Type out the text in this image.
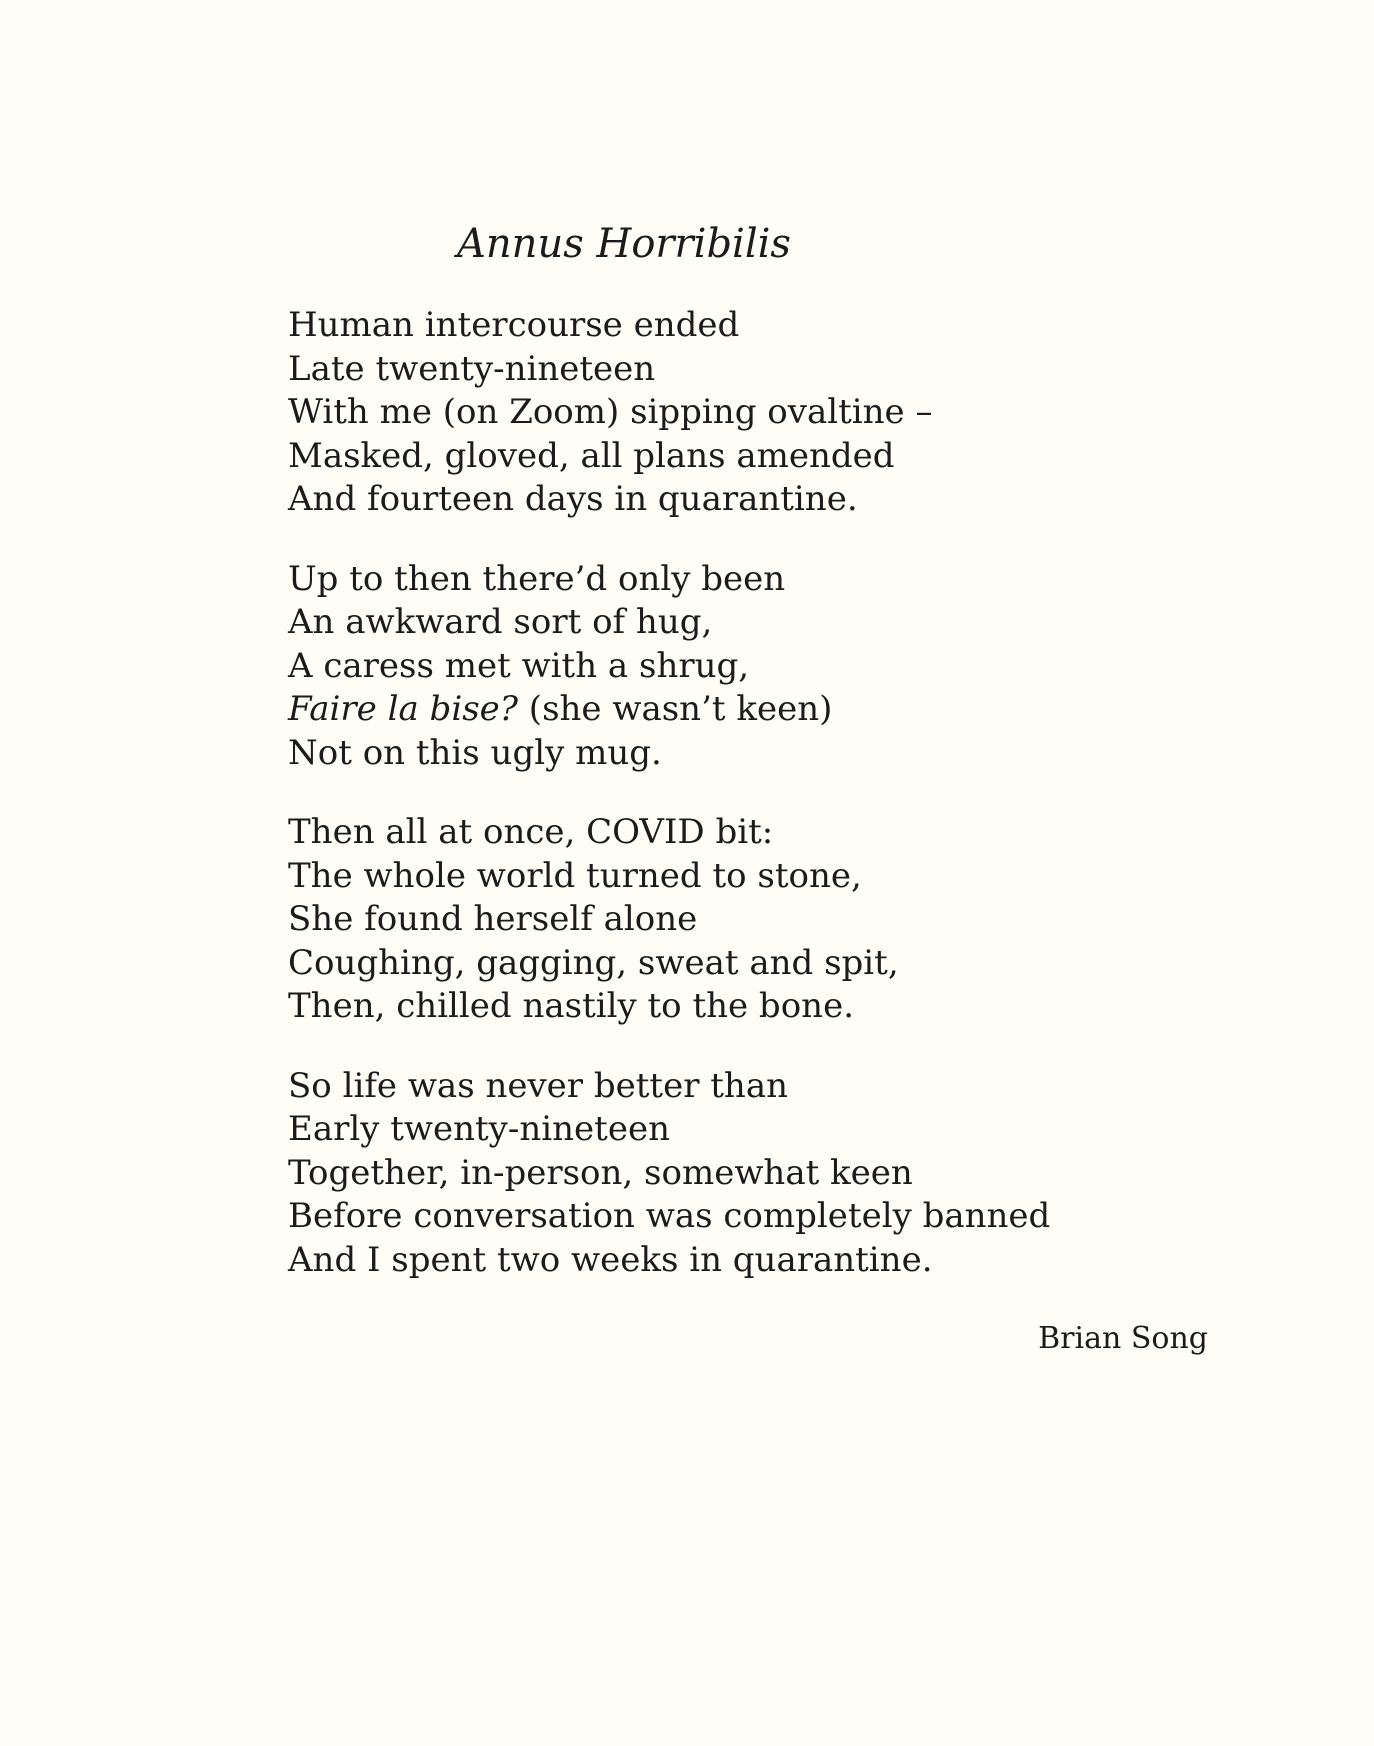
Annus Horribilis
Human intercourse ended
Late twenty-nineteen
With me (on Zoom) sipping ovaltine –
Masked, gloved, all plans amended
And fourteen days in quarantine.
Up to then there’d only been
An awkward sort of hug,
A caress met with a shrug,
Faire la bise? (she wasn’t keen)
Not on this ugly mug.
Then all at once, COVID bit:
The whole world turned to stone,
She found herself alone
Coughing, gagging, sweat and spit,
Then, chilled nastily to the bone.
So life was never better than
Early twenty-nineteen
Together, in-person, somewhat keen
Before conversation was completely banned
And I spent two weeks in quarantine.

Brian Song
